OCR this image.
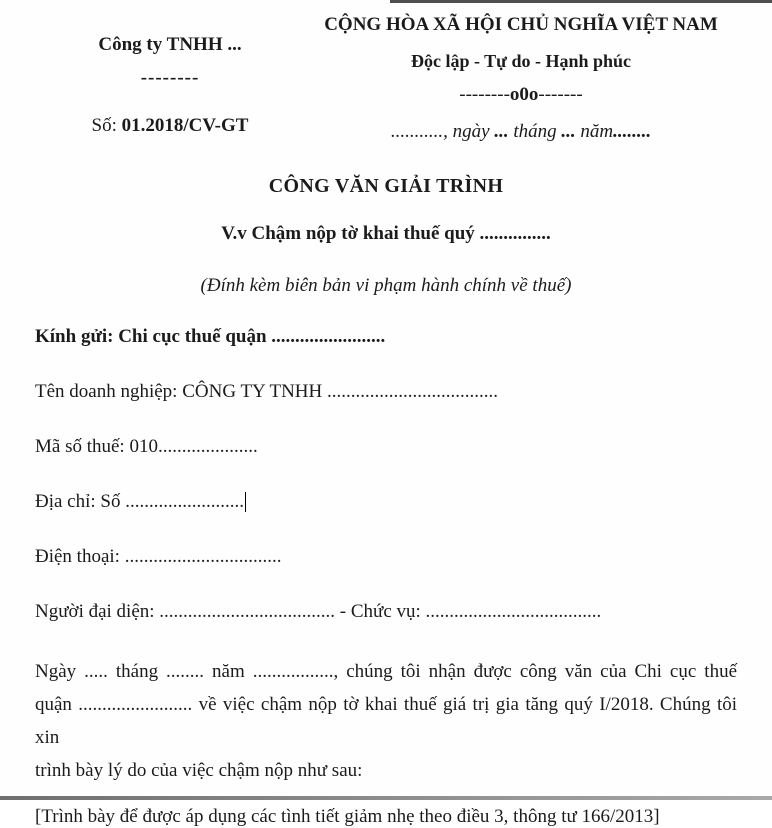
Công ty TNHH ...
--------
Số: 01.2018/CV-GT
CỘNG HÒA XÃ HỘI CHỦ NGHĨA VIỆT NAM
Độc lập - Tự do - Hạnh phúc
--------o0o-------
..........., ngày ... tháng ... năm........
CÔNG VĂN GIẢI TRÌNH
V.v Chậm nộp tờ khai thuế quý ...............
(Đính kèm biên bản vi phạm hành chính về thuế)
Kính gửi: Chi cục thuế quận ........................
Tên doanh nghiệp: CÔNG TY TNHH ....................................
Mã số thuế: 010.....................
Địa chỉ: Số .........................
Điện thoại: .................................
Người đại diện: ..................................... - Chức vụ: .....................................
Ngày ..... tháng ........ năm ................., chúng tôi nhận được công văn của Chi cục thuế
quận ........................ về việc chậm nộp tờ khai thuế giá trị gia tăng quý I/2018. Chúng tôi xin
trình bày lý do của việc chậm nộp như sau:
[Trình bày để được áp dụng các tình tiết giảm nhẹ theo điều 3, thông tư 166/2013]
